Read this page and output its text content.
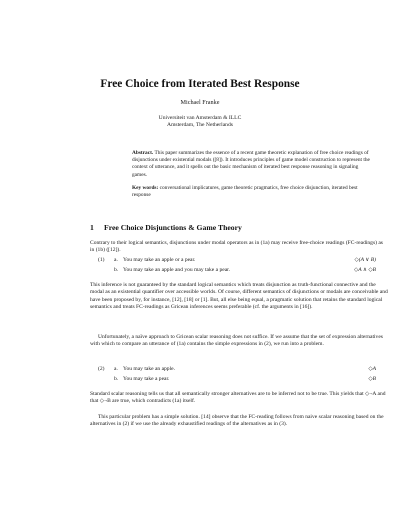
Free Choice from Iterated Best Response
Michael Franke
Universiteit van Amsterdam & ILLC
Amsterdam, The Netherlands

Abstract. This paper summarizes the essence of a recent game theoretic explanation of free choice readings of disjunctions under existential modals ([8]). It introduces principles of game model construction to represent the context of utterance, and it spells out the basic mechanism of iterated best response reasoning in signaling games.

Key words: conversational implicatures, game theoretic pragmatics, free choice disjunction, iterated best response

1 Free Choice Disjunctions & Game Theory

Contrary to their logical semantics, disjunctions under modal operators as in (1a) may receive free-choice readings (FC-readings) as in (1b) ([12]).

(1) a. You may take an apple or a pear.	◇(A ∨ B)
b. You may take an apple and you may take a pear.	◇A ∧ ◇B

This inference is not guaranteed by the standard logical semantics which treats disjunction as truth-functional connective and the modal as an existential quantifier over accessible worlds. Of course, different semantics of disjunctions or modals are conceivable and have been proposed by, for instance, [12], [18] or [1]. But, all else being equal, a pragmatic solution that retains the standard logical semantics and treats FC-readings as Gricean inferences seems preferable (cf. the arguments in [16]).

Unfortunately, a naïve approach to Gricean scalar reasoning does not suffice. If we assume that the set of expression alternatives with which to compare an utterance of (1a) contains the simple expressions in (2), we run into a problem.

(2) a. You may take an apple.	◇A
b. You may take a pear.	◇B

Standard scalar reasoning tells us that all semantically stronger alternatives are to be inferred not to be true. This yields that ◇¬A and that ◇¬B are true, which contradicts (1a) itself.

This particular problem has a simple solution. [14] observe that the FC-reading follows from naive scalar reasoning based on the alternatives in (2) if we use the already exhaustified readings of the alternatives as in (3).
